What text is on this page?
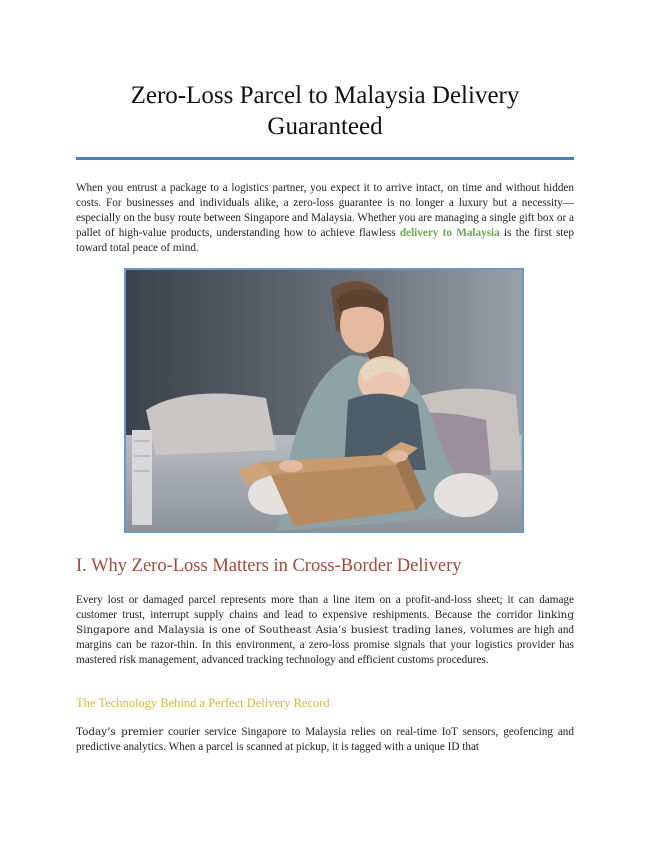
Zero-Loss Parcel to Malaysia Delivery Guaranteed

When you entrust a package to a logistics partner, you expect it to arrive intact, on time and without hidden costs. For businesses and individuals alike, a zero-loss guarantee is no longer a luxury but a necessity—especially on the busy route between Singapore and Malaysia. Whether you are managing a single gift box or a pallet of high-value products, understanding how to achieve flawless delivery to Malaysia is the first step toward total peace of mind.

I. Why Zero-Loss Matters in Cross-Border Delivery

Every lost or damaged parcel represents more than a line item on a profit-and-loss sheet; it can damage customer trust, interrupt supply chains and lead to expensive reshipments. Because the corridor linking Singapore and Malaysia is one of Southeast Asia’s busiest trading lanes, volumes are high and margins can be razor-thin. In this environment, a zero-loss promise signals that your logistics provider has mastered risk management, advanced tracking technology and efficient customs procedures.

The Technology Behind a Perfect Delivery Record

Today’s premier courier service Singapore to Malaysia relies on real-time IoT sensors, geofencing and predictive analytics. When a parcel is scanned at pickup, it is tagged with a unique ID that
